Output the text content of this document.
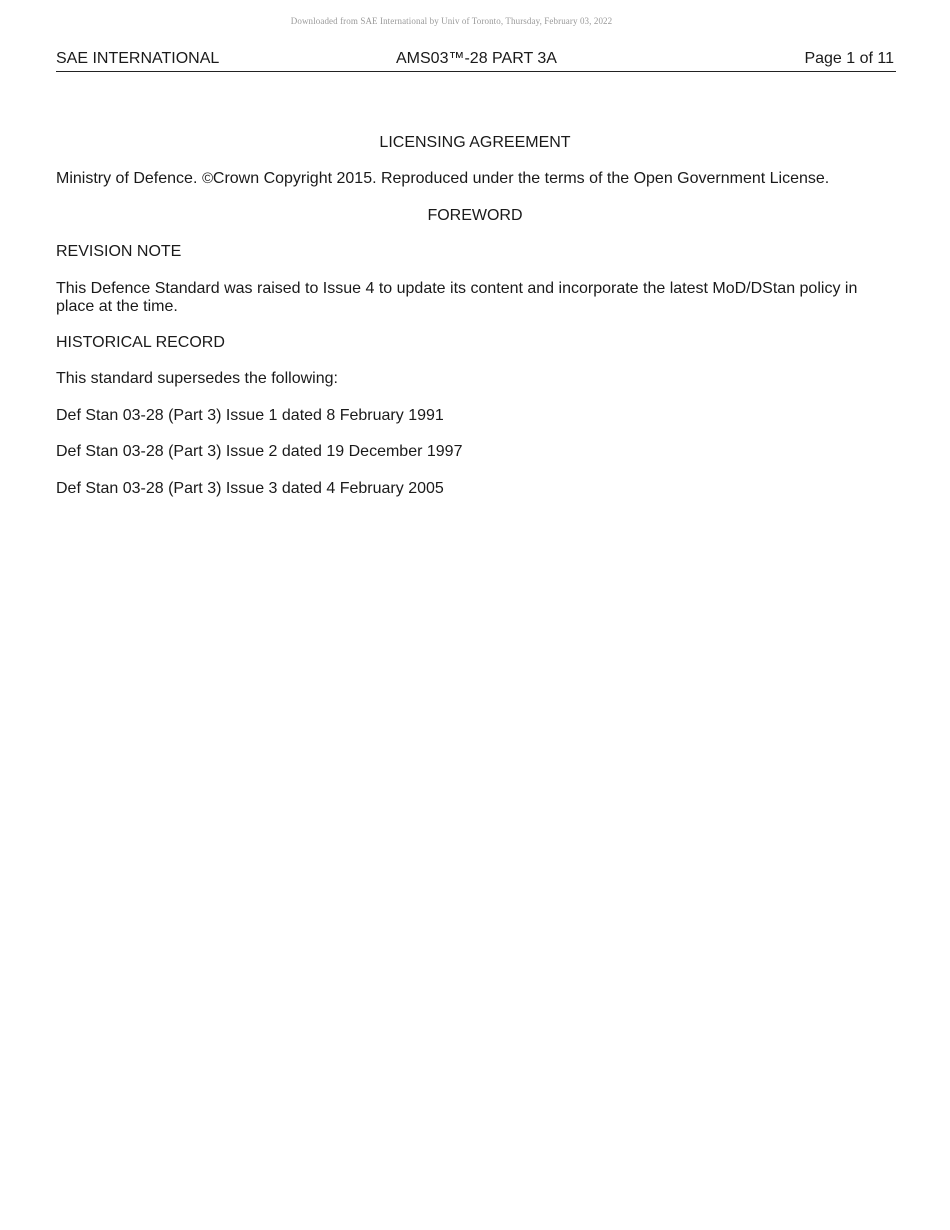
Downloaded from SAE International by Univ of Toronto, Thursday, February 03, 2022
SAE INTERNATIONAL	AMS03™-28 PART 3A	Page 1 of 11
LICENSING AGREEMENT
Ministry of Defence. ©Crown Copyright 2015. Reproduced under the terms of the Open Government License.
FOREWORD
REVISION NOTE
This Defence Standard was raised to Issue 4 to update its content and incorporate the latest MoD/DStan policy in place at the time.
HISTORICAL RECORD
This standard supersedes the following:
Def Stan 03-28 (Part 3) Issue 1 dated 8 February 1991
Def Stan 03-28 (Part 3) Issue 2 dated 19 December 1997
Def Stan 03-28 (Part 3) Issue 3 dated 4 February 2005
